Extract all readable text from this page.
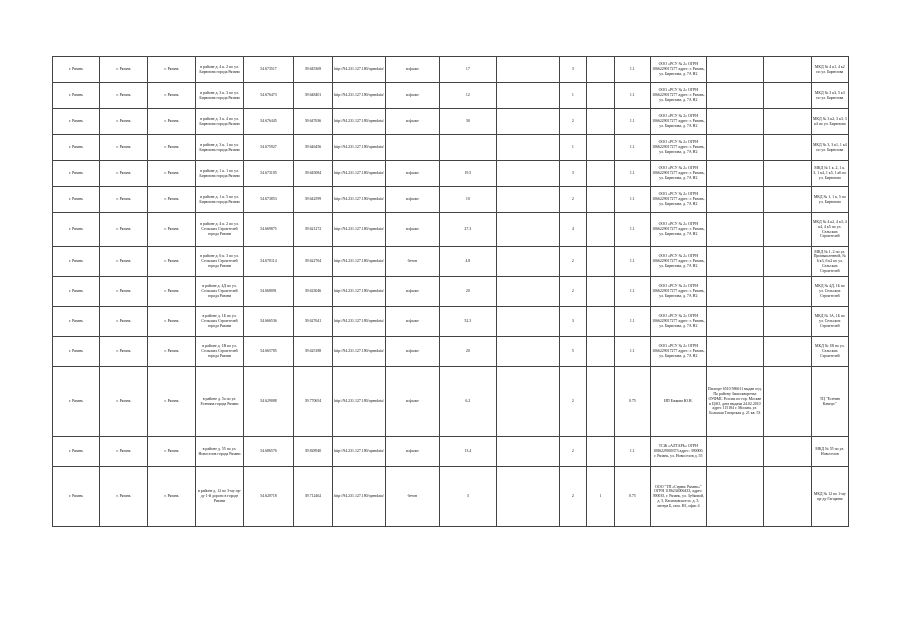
г. Рязань	г. Рязань	г. Рязань	в районе д. 4 к. 2 по ул. Бирюзова города Рязани	54.673517	39.645369	http://94.231.127.180/opendata/	асфальт	17		3		1.1	ООО «РСУ № 2» ОГРН 1066229017277 адрес: г. Рязань, ул. Бирюзова, д. 7А Н2			МКД № 4 к1, 4 к2 по ул. Бирюзова
г. Рязань	г. Рязань	г. Рязань	в районе д. 3 к. 3 по ул. Бирюзова города Рязани	54.676473	39.648401	http://94.231.127.180/opendata/	асфальт	12		1		1.1	ООО «РСУ № 2» ОГРН 1066229017277 адрес: г. Рязань, ул. Бирюзова, д. 7А Н2			МКД № 3 к3, 5 к3 по ул. Бирюзова
г. Рязань	г. Рязань	г. Рязань	в районе д. 3 к. 4 по ул. Бирюзова города Рязани	54.676445	39.647636	http://94.231.127.180/opendata/	асфальт	30		2		1.1	ООО «РСУ № 2» ОГРН 1066229017277 адрес: г. Рязань, ул. Бирюзова, д. 7А Н2			МКД № 3 к2, 3 к3, 3 к4 по ул. Бирюзова
г. Рязань	г. Рязань	г. Рязань	в районе д. 3 к. 1 по ул. Бирюзова города Рязани	54.675927	39.646456	http://94.231.127.180/opendata/				1		1.1	ООО «РСУ № 2» ОГРН 1066229017277 адрес: г. Рязань, ул. Бирюзова, д. 7А Н2			МКД № 3, 3 к1, 1 к4 по ул. Бирюзова
г. Рязань	г. Рязань	г. Рязань	в районе д. 1 к. 1 по ул. Бирюзова города Рязани	54.673105	39.645084	http://94.231.127.180/opendata/	асфальт	19.5		3		1.1	ООО «РСУ № 2» ОГРН 1066229017277 адрес: г. Рязань, ул. Бирюзова, д. 7А Н2			МКД № 1 к. 2, 1 к. 3, 1 к4, 1 к5, 1 к6 по ул. Бирюзова
г. Рязань	г. Рязань	г. Рязань	в районе д. 1 к. 5 по ул. Бирюзова города Рязани	54.673853	39.642599	http://94.231.127.180/opendata/	асфальт	10		2		1.1	ООО «РСУ № 2» ОГРН 1066229017277 адрес: г. Рязань, ул. Бирюзова, д. 7А Н2			МКД № 1, 1 к, 5 по ул. Бирюзова
г. Рязань	г. Рязань	г. Рязань	в районе д. 4 к. 2 по ул. Сельских Строителей города Рязани	54.669875	39.621272	http://94.231.127.180/opendata/	асфальт	27.3		4		1.1	ООО «РСУ № 2» ОГРН 1066229017277 адрес: г. Рязань, ул. Бирюзова, д. 7А Н2			МКД № 4 к2, 4 к3, 4 к4, 4 к5 по ул. Сельских Строителей
г. Рязань	г. Рязань	г. Рязань	в районе д. 6 к. 3 по ул. Сельских Строителей города Рязани	54.670114	39.622764	http://94.231.127.180/opendata/	бетон	4.8		2		1.1	ООО «РСУ № 2» ОГРН 1066229017277 адрес: г. Рязань, ул. Бирюзова, д. 7А Н2			МКД № 1, 2 по ул. Промышленной, № 6 к3, 6 к2 по ул. Сельских Строителей
г. Рязань	г. Рязань	г. Рязань	в районе д. 4Д по ул. Сельских Строителей города Рязани	54.668091	39.623046	http://94.231.127.180/opendata/	асфальт	20		2		1.1	ООО «РСУ № 2» ОГРН 1066229017277 адрес: г. Рязань, ул. Бирюзова, д. 7А Н2			МКД № 4Д, 1Б по ул. Сельских Строителей
г. Рязань	г. Рязань	г. Рязань	в районе д. 1Б по ул. Сельских Строителей города Рязани	54.666536	39.627641	http://94.231.127.180/opendata/	асфальт	52.3		3		1.1	ООО «РСУ № 2» ОГРН 1066229017277 адрес: г. Рязань, ул. Бирюзова, д. 7А Н2			МКД № 1А, 1Б по ул. Сельских Строителей
г. Рязань	г. Рязань	г. Рязань	в районе д. 1В по ул. Сельских Строителей города Рязани	54.665785	39.625188	http://94.231.127.180/opendata/	асфальт	20		5		1.1	ООО «РСУ № 2» ОГРН 1066229017277 адрес: г. Рязань, ул. Бирюзова, д. 7А Н2			МКД № 1В по ул. Сельских Строителей
г. Рязань	г. Рязань	г. Рязань	в районе д. 5а по ул. Есенина города Рязани	54.629088	39.770654	http://94.231.127.180/opendata/	асфальт	6.2		2		0.75	ИП Ежкова Ю.Н.	Паспорт 6510 586611 выдан отд. По району Замоскворечье ОУФМС России по гор. Москве в ЦАО, дата выдачи 24.02.2010 адрес 115184 г. Москва, ул. Большая Татарская д. 21 кв. 53		ТЦ "Есенин Кампус"
г. Рязань	г. Рязань	г. Рязань	в районе д. 55 по ул. Новоселов города Рязани	54.686576	39.828940	http://94.231.127.180/opendata/	асфальт	13.4		2		1.1	ТСЖ «АЛТАРЬ» ОГРН 1086229000373 адрес: 390000, г. Рязань, ул. Новоселов д. 55			МКД № 55 по ул. Новоселов
г. Рязань	г. Рязань	г. Рязань	в районе д. 12 по 3-му пр-ду 1-й дороги в городе Рязани	54.620718	39.712462	http://94.231.127.180/opendata/	бетон	3		2	1	0.75	ООО "ТП «Сервис Рязань»" ОГРН 1186234006433, адрес: 390035, г. Рязань, ул. Зубковой, д. 5, Касимовское ш. д. 5, литера Б, пом. Н1, офис 4			МКД № 12 по 1-му пр-ду Гагарина
